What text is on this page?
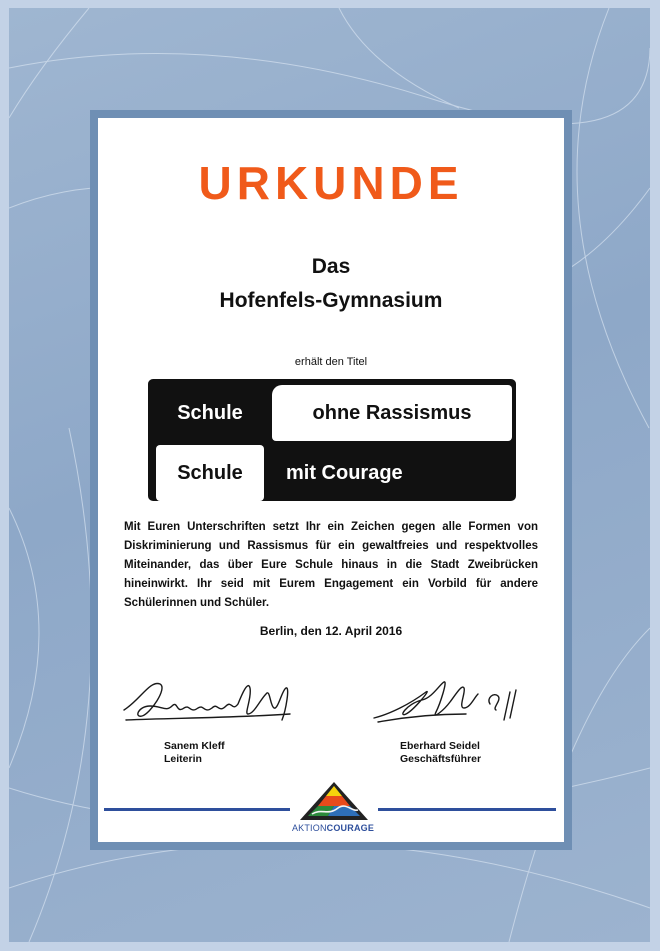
URKUNDE
Das
Hofenfels-Gymnasium
erhält den Titel
Schule	ohne Rassismus
Schule	mit Courage
Mit Euren Unterschriften setzt Ihr ein Zeichen gegen alle Formen von Diskriminierung und Rassismus für ein gewaltfreies und respektvolles Miteinander, das über Eure Schule hinaus in die Stadt Zweibrücken hineinwirkt. Ihr seid mit Eurem Engagement ein Vorbild für andere Schülerinnen und Schüler.
Berlin, den 12. April 2016
Sanem Kleff
Leiterin
Eberhard Seidel
Geschäftsführer
AKTIONCOURAGE
